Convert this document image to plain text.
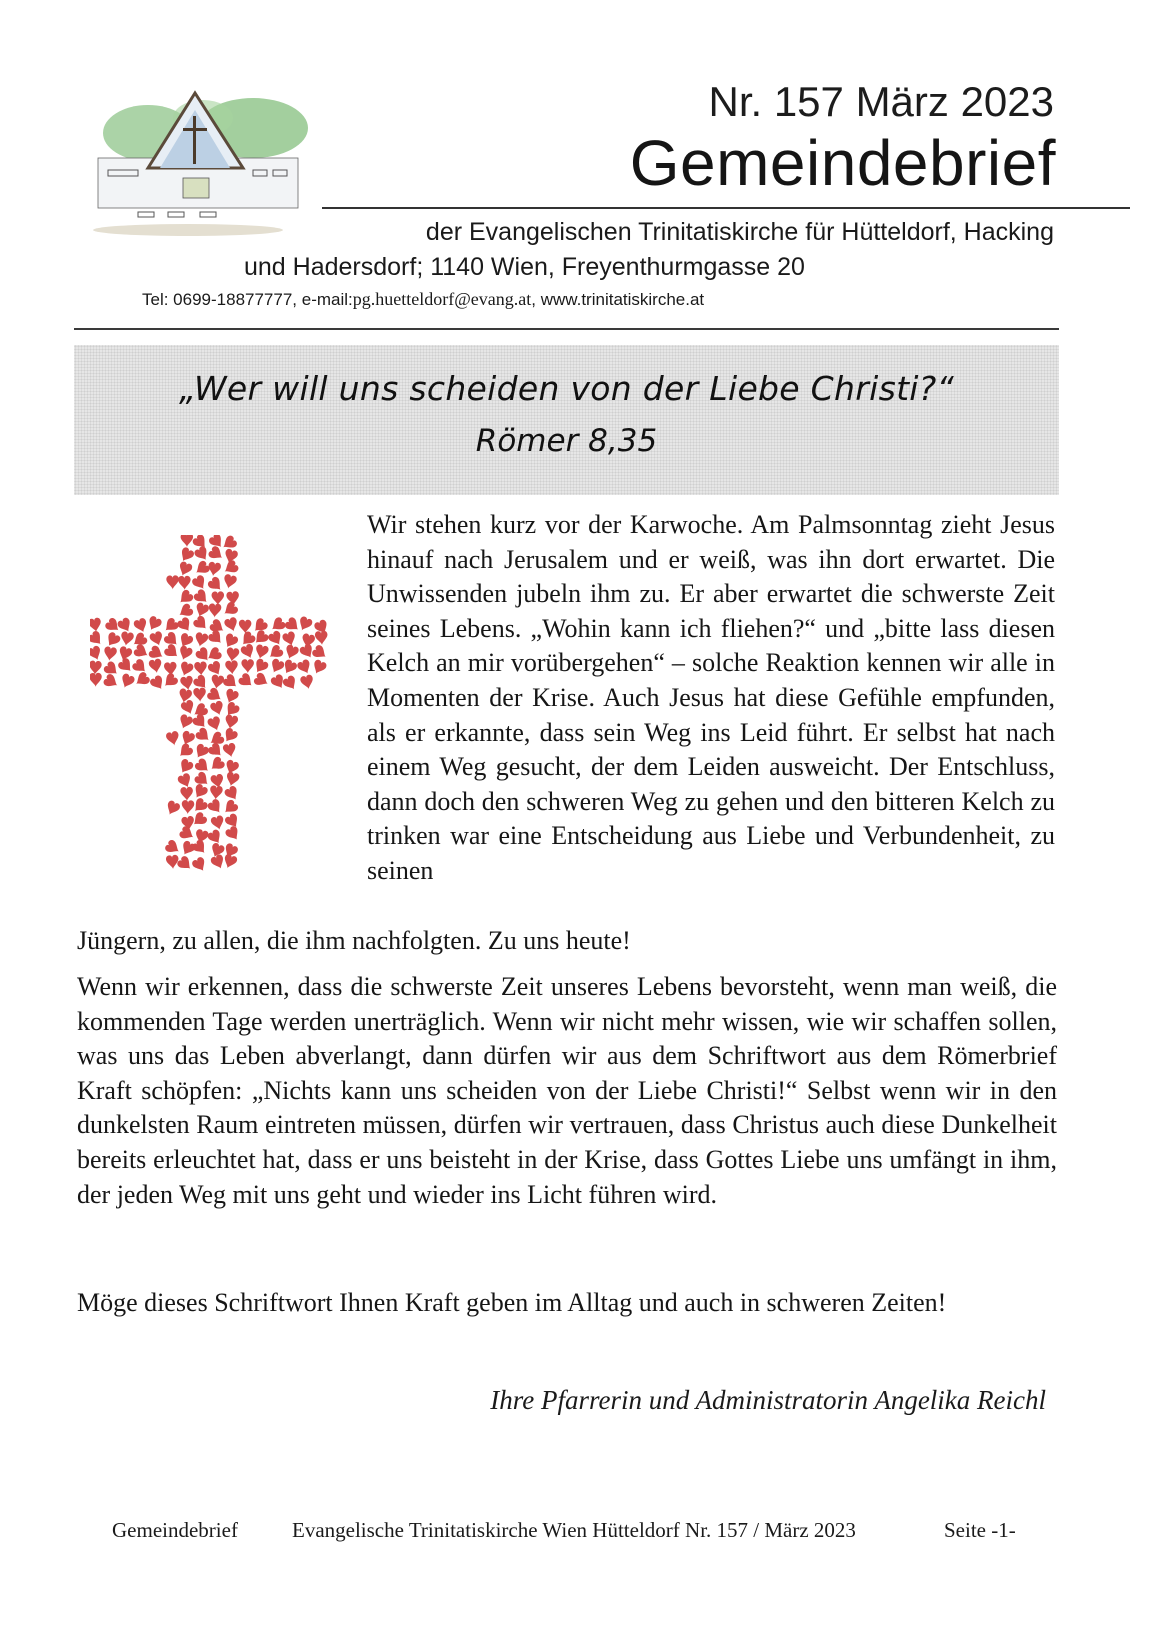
Nr. 157 März 2023
Gemeindebrief
der Evangelischen Trinitatiskirche für Hütteldorf, Hacking
und Hadersdorf; 1140 Wien, Freyenthurmgasse 20
Tel: 0699-18877777, e-mail:pg.huetteldorf@evang.at, www.trinitatiskirche.at
„Wer will uns scheiden von der Liebe Christi?“
Römer 8,35
Wir stehen kurz vor der Karwoche. Am Palmsonntag zieht Jesus hinauf nach Jerusalem und er weiß, was ihn dort erwartet. Die Unwissenden jubeln ihm zu. Er aber erwartet die schwerste Zeit seines Lebens. „Wohin kann ich fliehen?“ und „bitte lass diesen Kelch an mir vorübergehen“ – solche Reaktion kennen wir alle in Momenten der Krise. Auch Jesus hat diese Gefühle empfunden, als er erkannte, dass sein Weg ins Leid führt. Er selbst hat nach einem Weg gesucht, der dem Leiden ausweicht. Der Entschluss, dann doch den schweren Weg zu gehen und den bitteren Kelch zu trinken war eine Entscheidung aus Liebe und Verbundenheit, zu seinen
Jüngern, zu allen, die ihm nachfolgten. Zu uns heute!
Wenn wir erkennen, dass die schwerste Zeit unseres Lebens bevorsteht, wenn man weiß, die kommenden Tage werden unerträglich. Wenn wir nicht mehr wissen, wie wir schaffen sollen, was uns das Leben abverlangt, dann dürfen wir aus dem Schriftwort aus dem Römerbrief Kraft schöpfen: „Nichts kann uns scheiden von der Liebe Christi!“ Selbst wenn wir in den dunkelsten Raum eintreten müssen, dürfen wir vertrauen, dass Christus auch diese Dunkelheit bereits erleuchtet hat, dass er uns beisteht in der Krise, dass Gottes Liebe uns umfängt in ihm, der jeden Weg mit uns geht und wieder ins Licht führen wird.
Möge dieses Schriftwort Ihnen Kraft geben im Alltag und auch in schweren Zeiten!
Ihre Pfarrerin und Administratorin Angelika Reichl
Gemeindebrief	Evangelische Trinitatiskirche Wien Hütteldorf Nr. 157 / März 2023	Seite -1-
